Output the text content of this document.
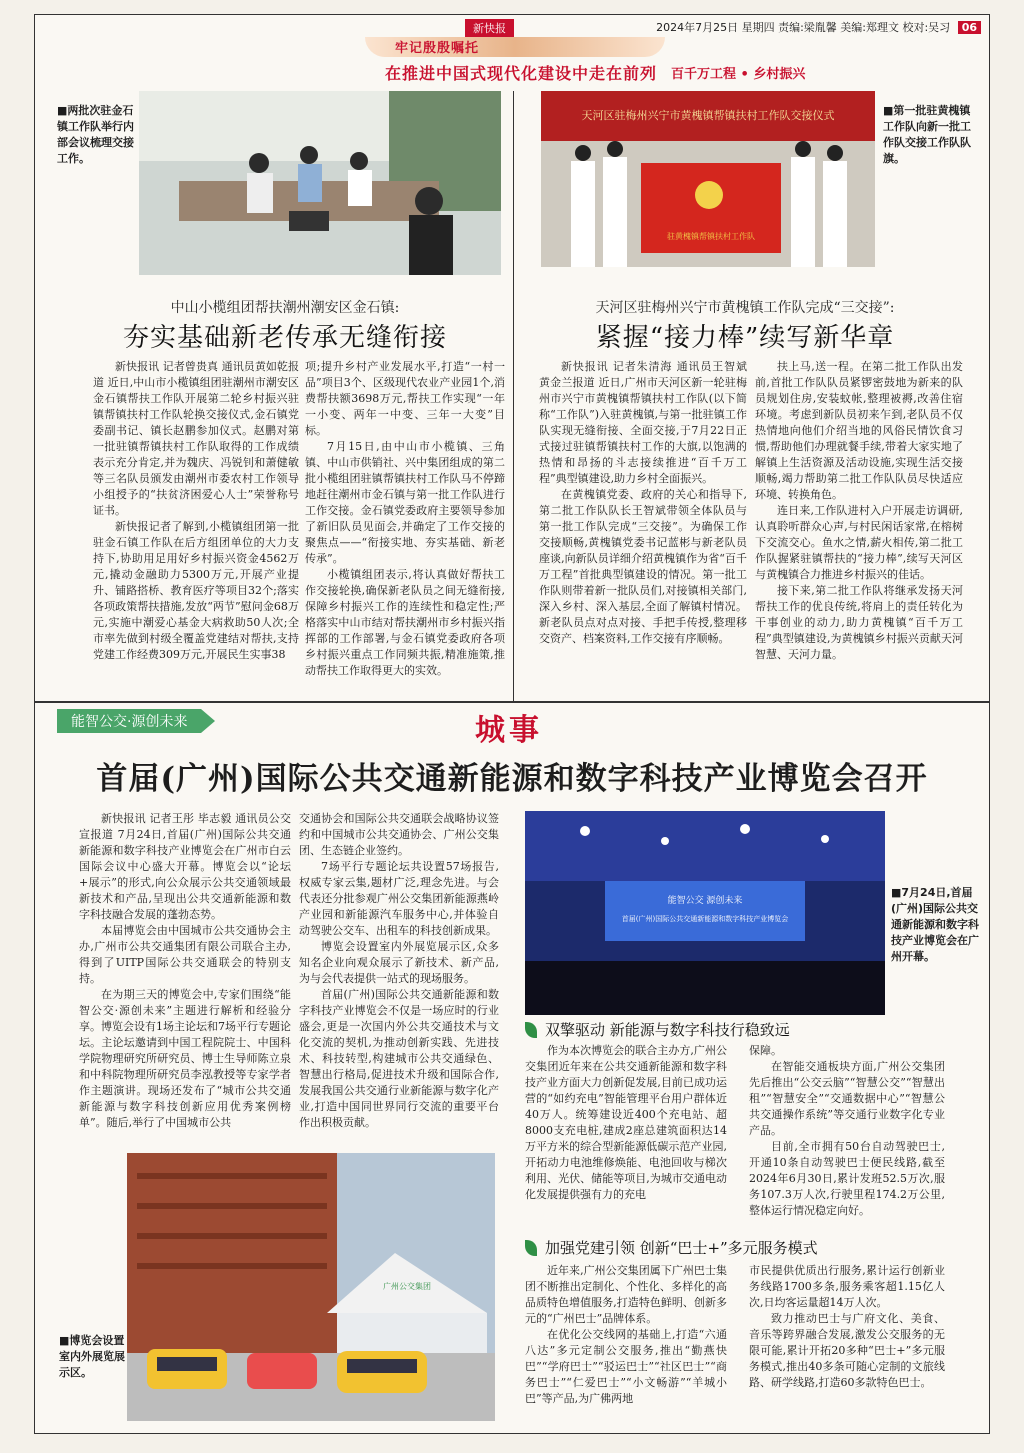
新快报
牢记殷殷嘱托
在推进中国式现代化建设中走在前列 百千万工程 • 乡村振兴
2024年7月25日 星期四 责编:梁胤馨 美编:郑理文 校对:吴习 06
■两批次驻金石镇工作队举行内部会议梳理交接工作。
中山小榄组团帮扶潮州潮安区金石镇:
夯实基础新老传承无缝衔接

新快报讯 记者曾贵真 通讯员黄如乾报道 近日,中山市小榄镇组团驻潮州市潮安区金石镇帮扶工作队开展第二轮乡村振兴驻镇帮镇扶村工作队轮换交接仪式,金石镇党委副书记、镇长赵鹏参加仪式。赵鹏对第一批驻镇帮镇扶村工作队取得的工作成绩表示充分肯定,并为魏庆、冯锐钊和萧健敏等三名队员颁发由潮州市委农村工作领导小组授予的“扶贫济困爱心人士”荣誉称号证书。

新快报记者了解到,小榄镇组团第一批驻金石镇工作队在后方组团单位的大力支持下,协助用足用好乡村振兴资金4562万元,撬动金融助力5300万元,开展产业提升、铺路搭桥、教育医疗等项目32个;落实各项政策帮扶措施,发放“两节”慰问金68万元,实施中潮爱心基金大病救助50人次;全市率先做到村级全覆盖党建结对帮扶,支持党建工作经费309万元,开展民生实事38

项;提升乡村产业发展水平,打造“一村一品”项目3个、区级现代农业产业园1个,消费帮扶额3698万元,帮扶工作实现“一年一小变、两年一中变、三年一大变”目标。

7月15日,由中山市小榄镇、三角镇、中山市供销社、兴中集团组成的第二批小榄组团驻镇帮镇扶村工作队马不停蹄地赶往潮州市金石镇与第一批工作队进行工作交接。金石镇党委政府主要领导参加了新旧队员见面会,并确定了工作交接的聚焦点——“衔接实地、夯实基础、新老传承”。

小榄镇组团表示,将认真做好帮扶工作交接轮换,确保新老队员之间无缝衔接,保障乡村振兴工作的连续性和稳定性;严格落实中山市结对帮扶潮州市乡村振兴指挥部的工作部署,与金石镇党委政府各项乡村振兴重点工作同频共振,精准施策,推动帮扶工作取得更大的实效。

天河区驻梅州兴宁市黄槐镇帮镇扶村工作队交接仪式
驻黄槐镇帮镇扶村工作队
■第一批驻黄槐镇工作队向新一批工作队交接工作队队旗。
天河区驻梅州兴宁市黄槐镇工作队完成“三交接”:
紧握“接力棒”续写新华章

新快报讯 记者朱清海 通讯员王智斌 黄金兰报道 近日,广州市天河区新一轮驻梅州市兴宁市黄槐镇帮镇扶村工作队(以下简称“工作队”)入驻黄槐镇,与第一批驻镇工作队实现无缝衔接、全面交接,于7月22日正式接过驻镇帮镇扶村工作的大旗,以饱满的热情和昂扬的斗志接续推进“百千万工程”典型镇建设,助力乡村全面振兴。

在黄槐镇党委、政府的关心和指导下,第二批工作队队长王智斌带领全体队员与第一批工作队完成“三交接”。为确保工作交接顺畅,黄槐镇党委书记蓝彬与新老队员座谈,向新队员详细介绍黄槐镇作为省“百千万工程”首批典型镇建设的情况。第一批工作队则带着新一批队员们,对接镇相关部门,深入乡村、深入基层,全面了解镇村情况。新老队员点对点对接、手把手传授,整理移交资产、档案资料,工作交接有序顺畅。

扶上马,送一程。在第二批工作队出发前,首批工作队队员紧锣密鼓地为新来的队员规划住房,安装蚊帐,整理被褥,改善住宿环境。考虑到新队员初来乍到,老队员不仅热情地向他们介绍当地的风俗民情饮食习惯,帮助他们办理就餐手续,带着大家实地了解镇上生活资源及活动设施,实现生活交接顺畅,竭力帮助第二批工作队队员尽快适应环境、转换角色。

连日来,工作队进村入户开展走访调研,认真聆听群众心声,与村民闲话家常,在榕树下交流交心。鱼水之情,薪火相传,第二批工作队握紧驻镇帮扶的“接力棒”,续写天河区与黄槐镇合力推进乡村振兴的佳话。

接下来,第二批工作队将继承发扬天河帮扶工作的优良传统,将肩上的责任转化为干事创业的动力,助力黄槐镇“百千万工程”典型镇建设,为黄槐镇乡村振兴贡献天河智慧、天河力量。

能智公交·源创未来	城事
首届(广州)国际公共交通新能源和数字科技产业博览会召开

新快报讯 记者王彤 毕志毅 通讯员公交宣报道 7月24日,首届(广州)国际公共交通新能源和数字科技产业博览会在广州市白云国际会议中心盛大开幕。博览会以“论坛+展示”的形式,向公众展示公共交通领域最新技术和产品,呈现出公共交通新能源和数字科技融合发展的蓬勃态势。

本届博览会由中国城市公共交通协会主办,广州市公共交通集团有限公司联合主办,得到了UITP国际公共交通联会的特别支持。

在为期三天的博览会中,专家们围绕“能智公交·源创未来”主题进行解析和经验分享。博览会设有1场主论坛和7场平行专题论坛。主论坛邀请到中国工程院院士、中国科学院物理研究所研究员、博士生导师陈立泉和中科院物理所研究员李泓教授等专家学者作主题演讲。现场还发布了“城市公共交通新能源与数字科技创新应用优秀案例榜单”。随后,举行了中国城市公共

交通协会和国际公共交通联会战略协议签约和中国城市公共交通协会、广州公交集团、生态链企业签约。

7场平行专题论坛共设置57场报告,权威专家云集,题材广泛,理念先进。与会代表还分批参观广州公交集团新能源燕岭产业园和新能源汽车服务中心,并体验自动驾驶公交车、出租车的科技创新成果。

博览会设置室内外展览展示区,众多知名企业向观众展示了新技术、新产品,为与会代表提供一站式的现场服务。

首届(广州)国际公共交通新能源和数字科技产业博览会不仅是一场应时的行业盛会,更是一次国内外公共交通技术与文化交流的契机,为推动创新实践、先进技术、科技转型,构建城市公共交通绿色、智慧出行格局,促进技术升级和国际合作,发展我国公共交通行业新能源与数字化产业,打造中国同世界同行交流的重要平台作出积极贡献。

能智公交 源创未来
首届(广州)国际公共交通新能源和数字科技产业博览会
■7月24日,首届(广州)国际公共交通新能源和数字科技产业博览会在广州开幕。
双擎驱动 新能源与数字科技行稳致远

作为本次博览会的联合主办方,广州公交集团近年来在公共交通新能源和数字科技产业方面大力创新促发展,目前已成功运营的“如约充电”智能管理平台用户群体近40万人。统筹建设近400个充电站、超8000支充电桩,建成2座总建筑面积达14万平方米的综合型新能源低碳示范产业园,开拓动力电池维修焕能、电池回收与梯次利用、光伏、储能等项目,为城市交通电动化发展提供强有力的充电

保障。

在智能交通板块方面,广州公交集团先后推出“公交云脑”“智慧公交”“智慧出租”“智慧安全”“交通数据中心”“智慧公共交通操作系统”等交通行业数字化专业产品。

目前,全市拥有50台自动驾驶巴士,开通10条自动驾驶巴士便民线路,截至2024年6月30日,累计发班52.5万次,服务107.3万人次,行驶里程174.2万公里,整体运行情况稳定向好。

加强党建引领 创新“巴士+”多元服务模式

近年来,广州公交集团属下广州巴士集团不断推出定制化、个性化、多样化的高品质特色增值服务,打造特色鲜明、创新多元的“广州巴士”品牌体系。

在优化公交线网的基础上,打造“六通八达”多元定制公交服务,推出“勤燕快巴”“学府巴士”“驳运巴士”“社区巴士”“商务巴士”“仁爱巴士”“小文畅游”“羊城小巴”等产品,为广佛两地

市民提供优质出行服务,累计运行创新业务线路1700多条,服务乘客超1.15亿人次,日均客运量超14万人次。

致力推动巴士与广府文化、美食、音乐等跨界融合发展,激发公交服务的无限可能,累计开拓20多种“巴士+”多元服务模式,推出40多条可随心定制的文旅线路、研学线路,打造60多款特色巴士。

广州公交集团
■博览会设置室内外展览展示区。
